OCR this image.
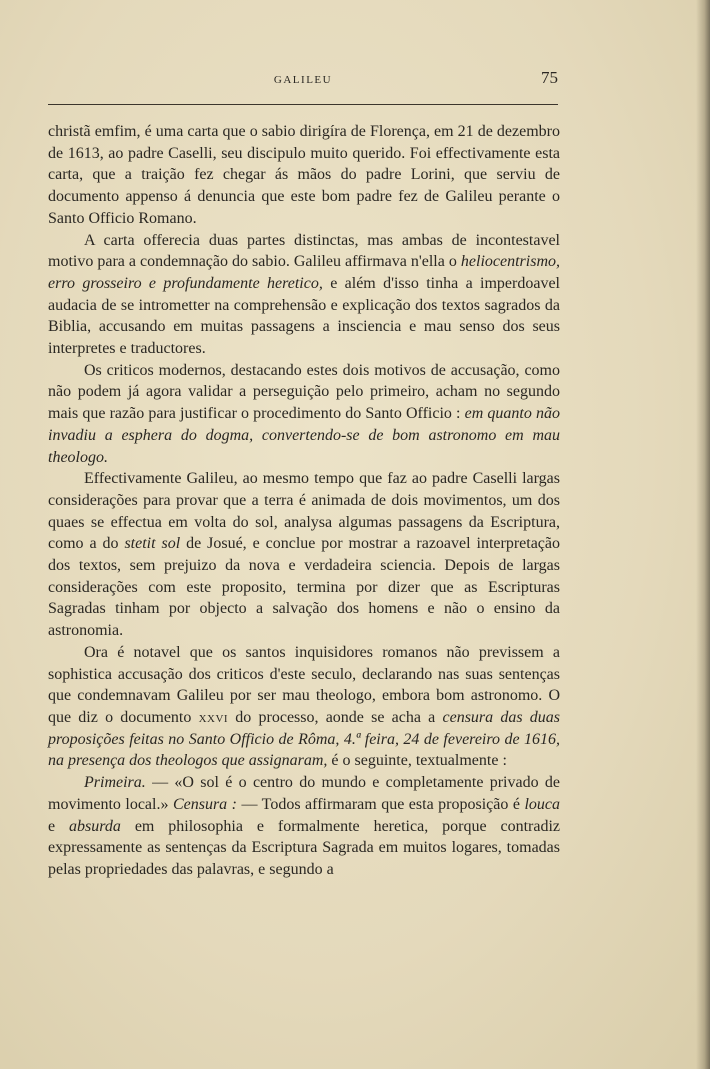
GALILEU	75

christã emfim, é uma carta que o sabio dirigíra de Florença, em 21 de dezembro de 1613, ao padre Caselli, seu discipulo muito querido. Foi effectivamente esta carta, que a traição fez chegar ás mãos do padre Lorini, que serviu de documento appenso á denuncia que este bom padre fez de Galileu perante o Santo Officio Romano.

A carta offerecia duas partes distinctas, mas ambas de incontestavel motivo para a condemnação do sabio. Galileu affirmava n'ella o heliocentrismo, erro grosseiro e profundamente heretico, e além d'isso tinha a imperdoavel audacia de se intrometter na comprehensão e explicação dos textos sagrados da Biblia, accusando em muitas passagens a insciencia e mau senso dos seus interpretes e traductores.

Os criticos modernos, destacando estes dois motivos de accusação, como não podem já agora validar a perseguição pelo primeiro, acham no segundo mais que razão para justificar o procedimento do Santo Officio : em quanto não invadiu a esphera do dogma, convertendo-se de bom astronomo em mau theologo.

Effectivamente Galileu, ao mesmo tempo que faz ao padre Caselli largas considerações para provar que a terra é animada de dois movimentos, um dos quaes se effectua em volta do sol, analysa algumas passagens da Escriptura, como a do stetit sol de Josué, e conclue por mostrar a razoavel interpretação dos textos, sem prejuizo da nova e verdadeira sciencia. Depois de largas considerações com este proposito, termina por dizer que as Escripturas Sagradas tinham por objecto a salvação dos homens e não o ensino da astronomia.

Ora é notavel que os santos inquisidores romanos não previssem a sophistica accusação dos criticos d'este seculo, declarando nas suas sentenças que condemnavam Galileu por ser mau theologo, embora bom astronomo. O que diz o documento xxvi do processo, aonde se acha a censura das duas proposições feitas no Santo Officio de Rôma, 4.ª feira, 24 de fevereiro de 1616, na presença dos theologos que assignaram, é o seguinte, textualmente :

Primeira. — «O sol é o centro do mundo e completamente privado de movimento local.» Censura : — Todos affirmaram que esta proposição é louca e absurda em philosophia e formalmente heretica, porque contradiz expressamente as sentenças da Escriptura Sagrada em muitos logares, tomadas pelas propriedades das palavras, e segundo a
